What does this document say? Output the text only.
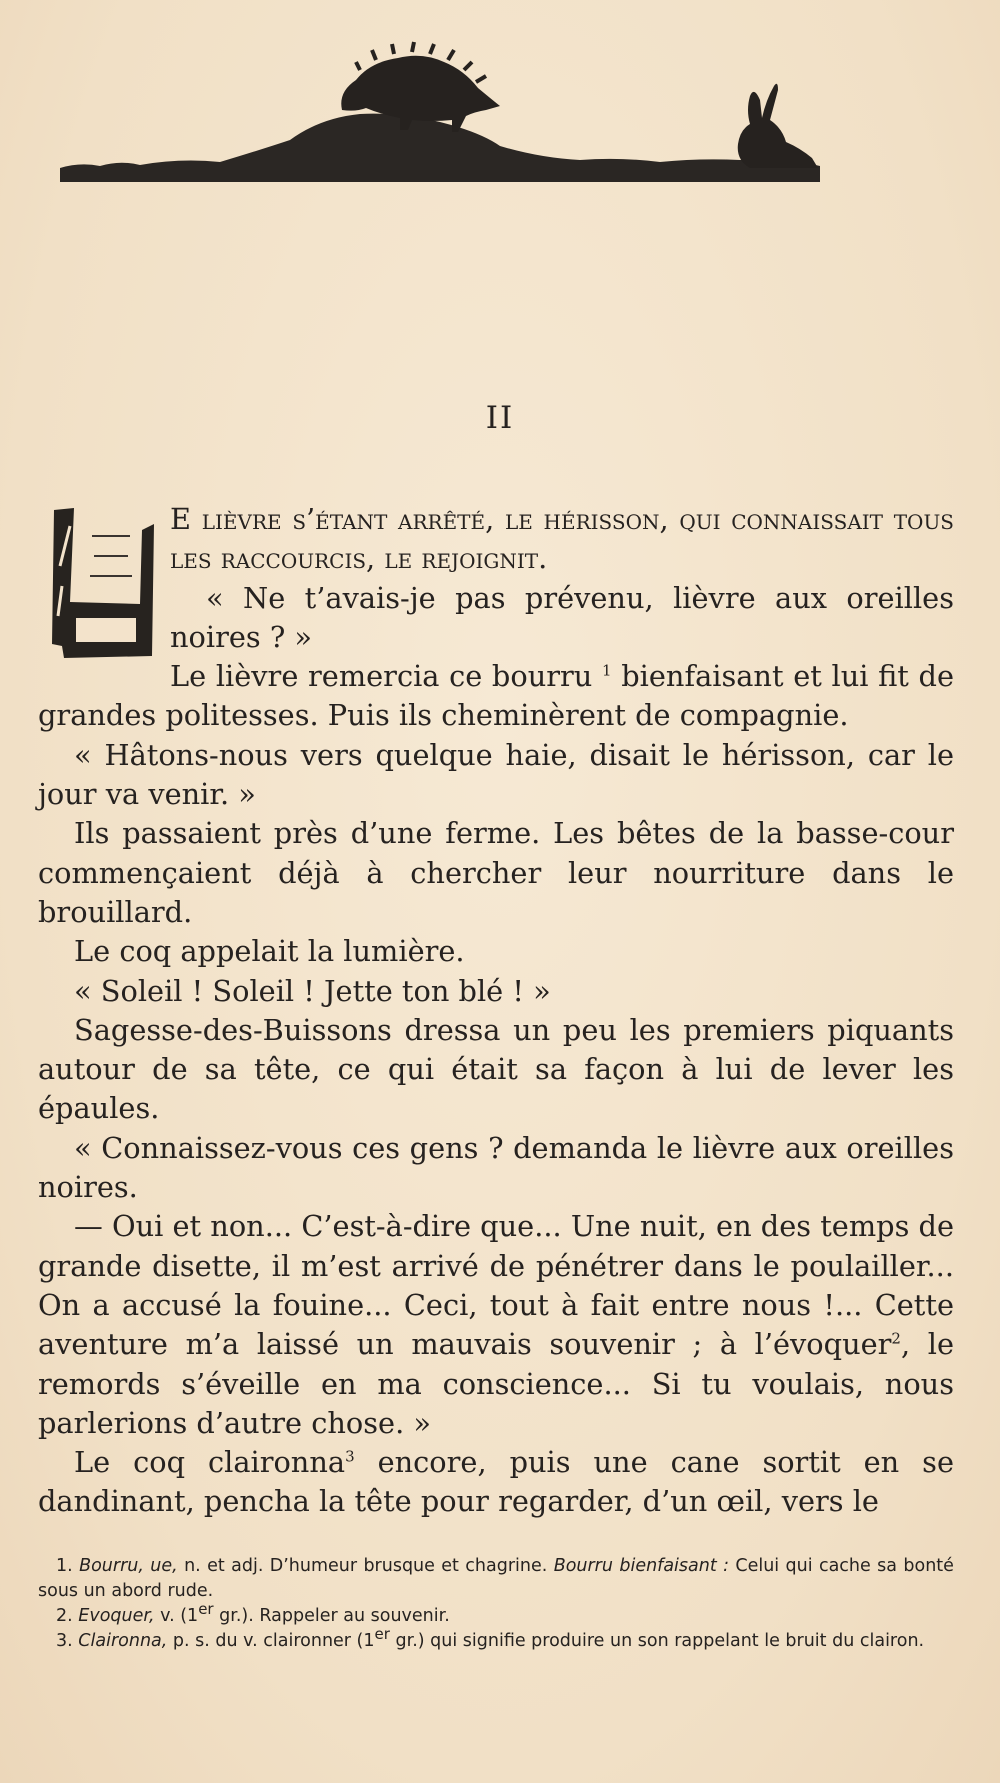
II

E lièvre s’étant arrêté, le hérisson, qui connaissait tous les raccourcis, le rejoignit.

« Ne t’avais-je pas prévenu, lièvre aux oreilles noires ? »

Le lièvre remercia ce bourru $^1$ bienfaisant et lui fit de grandes politesses. Puis ils cheminèrent de compagnie.

« Hâtons-nous vers quelque haie, disait le hérisson, car le jour va venir. »

Ils passaient près d’une ferme. Les bêtes de la basse-cour commençaient déjà à chercher leur nourriture dans le brouillard.

Le coq appelait la lumière.

« Soleil ! Soleil ! Jette ton blé ! »

Sagesse-des-Buissons dressa un peu les premiers piquants autour de sa tête, ce qui était sa façon à lui de lever les épaules.

« Connaissez-vous ces gens ? demanda le lièvre aux oreilles noires.

— Oui et non... C’est-à-dire que... Une nuit, en des temps de grande disette, il m’est arrivé de pénétrer dans le poulailler... On a accusé la fouine... Ceci, tout à fait entre nous !... Cette aventure m’a laissé un mauvais souvenir ; à l’évoquer$^2$, le remords s’éveille en ma conscience... Si tu voulais, nous parlerions d’autre chose. »

Le coq claironna$^3$ encore, puis une cane sortit en se dandinant, pencha la tête pour regarder, d’un œil, vers le

1. Bourru, ue, n. et adj. D’humeur brusque et chagrine. Bourru bienfaisant : Celui qui cache sa bonté sous un abord rude.

2. Evoquer, v. (1er gr.). Rappeler au souvenir.

3. Claironna, p. s. du v. claironner (1er gr.) qui signifie produire un son rappelant le bruit du clairon.
